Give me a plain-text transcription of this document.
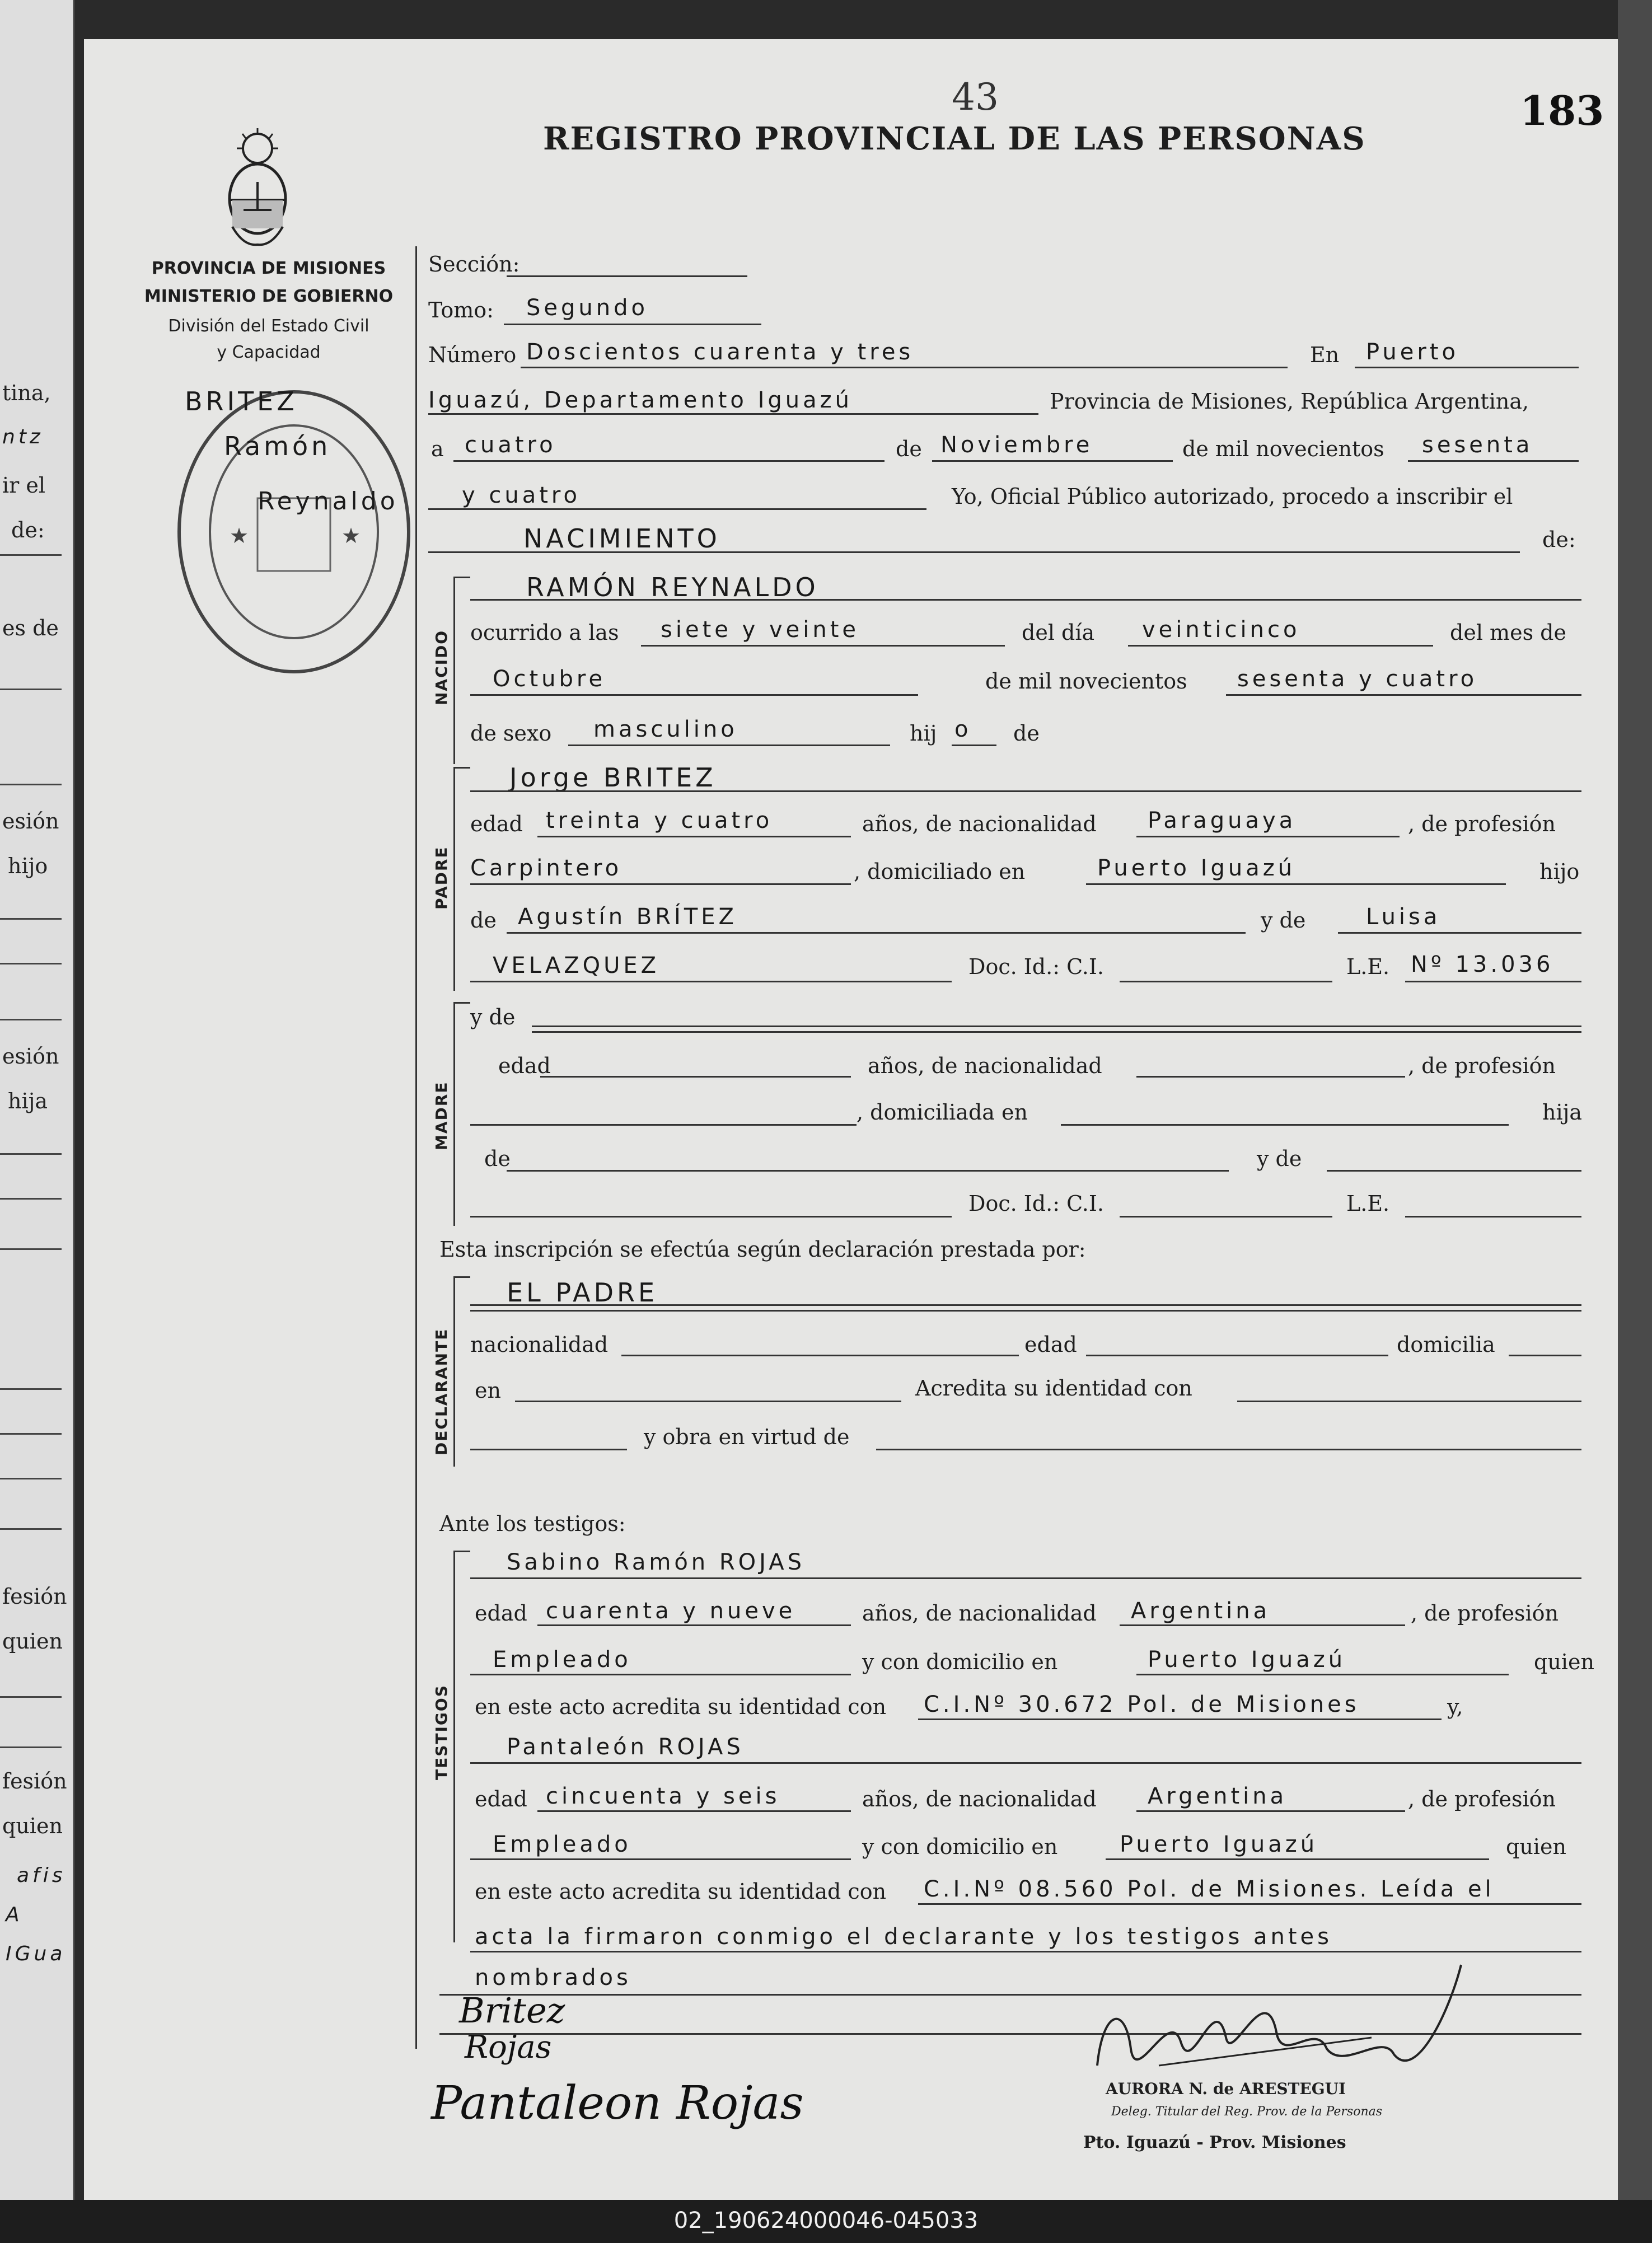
tina,
ntz
ir el
de:
es de
esión
hijo
esión
hija
fesión
quien
fesión
quien
afis
A
IGua
43	183
REGISTRO PROVINCIAL DE LAS PERSONAS
PROVINCIA DE MISIONES
MINISTERIO DE GOBIERNO
División del Estado Civil
y Capacidad
★	★
BRITEZ
Ramón
Reynaldo
Sección:
Tomo: Segundo
Número Doscientos cuarenta y tres	En Puerto
Iguazú, Departamento Iguazú	Provincia de Misiones, República Argentina,
a cuatro	de Noviembre	de mil novecientos sesenta
y cuatro	Yo, Oficial Público autorizado, procedo a inscribir el
NACIMIENTO	de:
NACIDO
RAMÓN REYNALDO
ocurrido a las siete y veinte	del día veinticinco	del mes de
Octubre	de mil novecientos sesenta y cuatro
de sexo masculino	hij o de
PADRE
Jorge BRITEZ
edad treinta y cuatro	años, de nacionalidad Paraguaya	, de profesión
Carpintero	, domiciliado en	Puerto Iguazú	hijo
de Agustín BRÍTEZ	y de	Luisa
VELAZQUEZ	Doc. Id.: C.I.	L.E. Nº 13.036
MADRE
y de
edad	años, de nacionalidad	, de profesión
, domiciliada en	hija
de	y de
Doc. Id.: C.I.	L.E.
Esta inscripción se efectúa según declaración prestada por:
DECLARANTE
EL PADRE
nacionalidad	edad	domicilia
en	Acredita su identidad con
y obra en virtud de
Ante los testigos:
TESTIGOS
Sabino Ramón ROJAS
edad cuarenta y nueve	años, de nacionalidad Argentina	, de profesión
Empleado	y con domicilio en	Puerto Iguazú	quien
en este acto acredita su identidad con C.I.Nº 30.672 Pol. de Misiones	y,
Pantaleón ROJAS
edad cincuenta y seis	años, de nacionalidad Argentina	, de profesión
Empleado	y con domicilio en	Puerto Iguazú	quien
en este acto acredita su identidad con C.I.Nº 08.560 Pol. de Misiones. Leída el
acta la firmaron conmigo el declarante y los testigos antes
nombrados
Britez
Rojas
Pantaleon Rojas	AURORA N. de ARESTEGUI
Deleg. Titular del Reg. Prov. de la Personas
Pto. Iguazú - Prov. Misiones
02_190624000046-045033
